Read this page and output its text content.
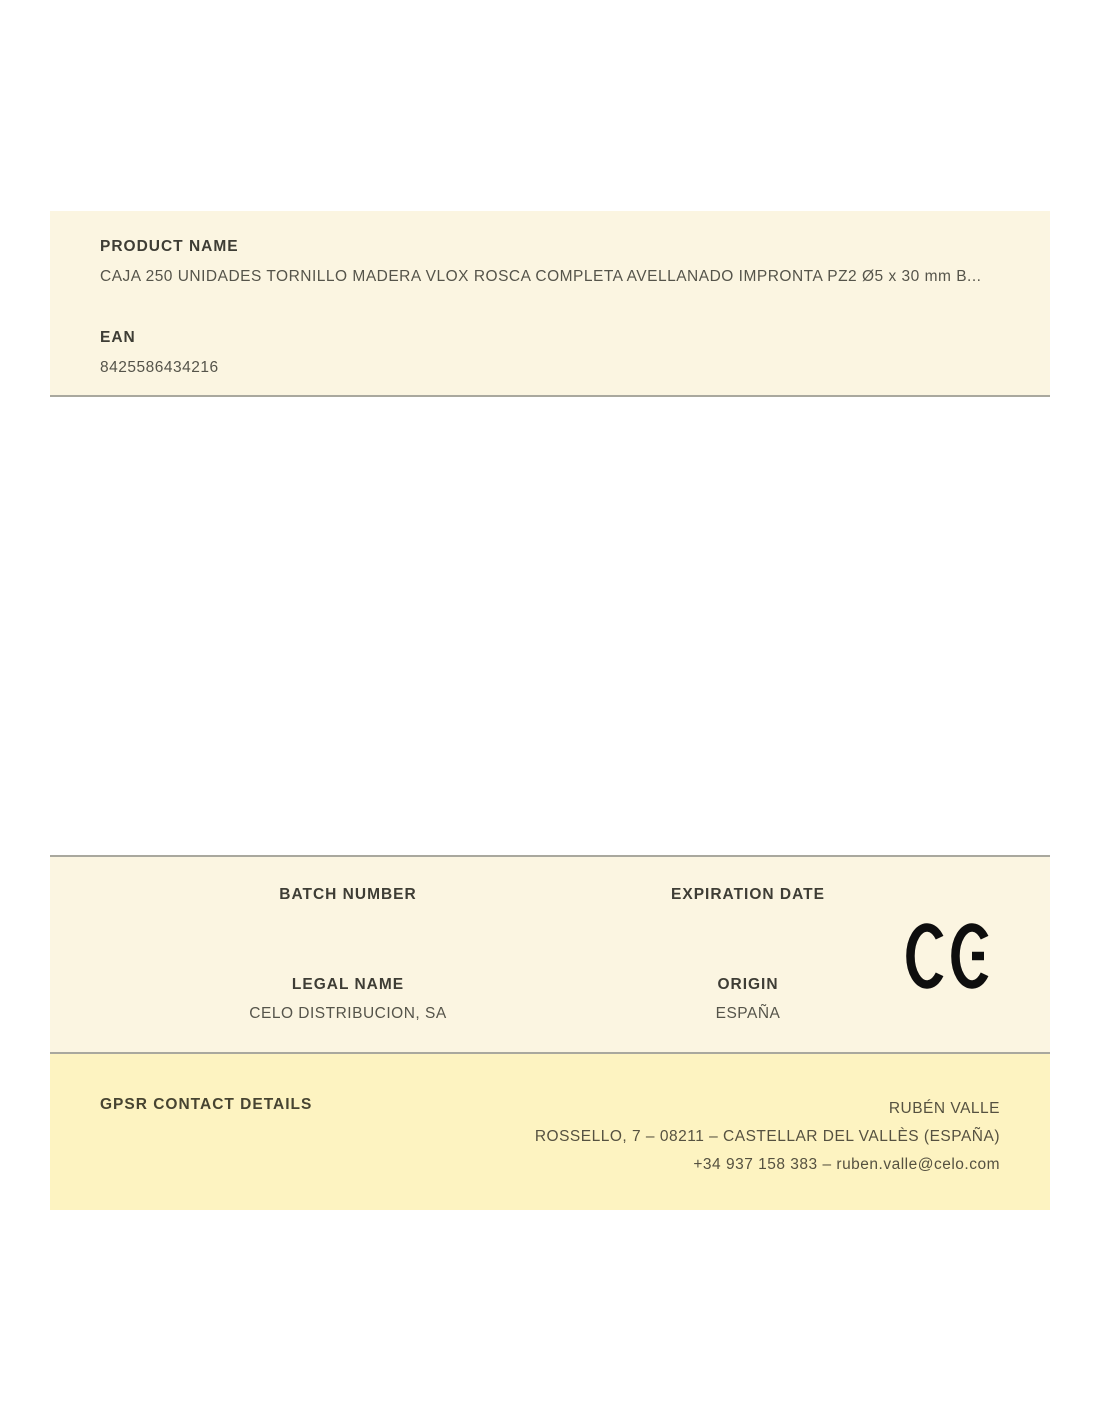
PRODUCT NAME
CAJA 250 UNIDADES TORNILLO MADERA VLOX ROSCA COMPLETA AVELLANADO IMPRONTA PZ2 Ø5 x 30 mm B...
EAN
8425586434216
BATCH NUMBER	EXPIRATION DATE
LEGAL NAME
CELO DISTRIBUCION, SA
ORIGIN
ESPAÑA
GPSR CONTACT DETAILS	RUBÉN VALLE
ROSSELLO, 7 – 08211 – CASTELLAR DEL VALLÈS (ESPAÑA)
+34 937 158 383 – ruben.valle@celo.com
